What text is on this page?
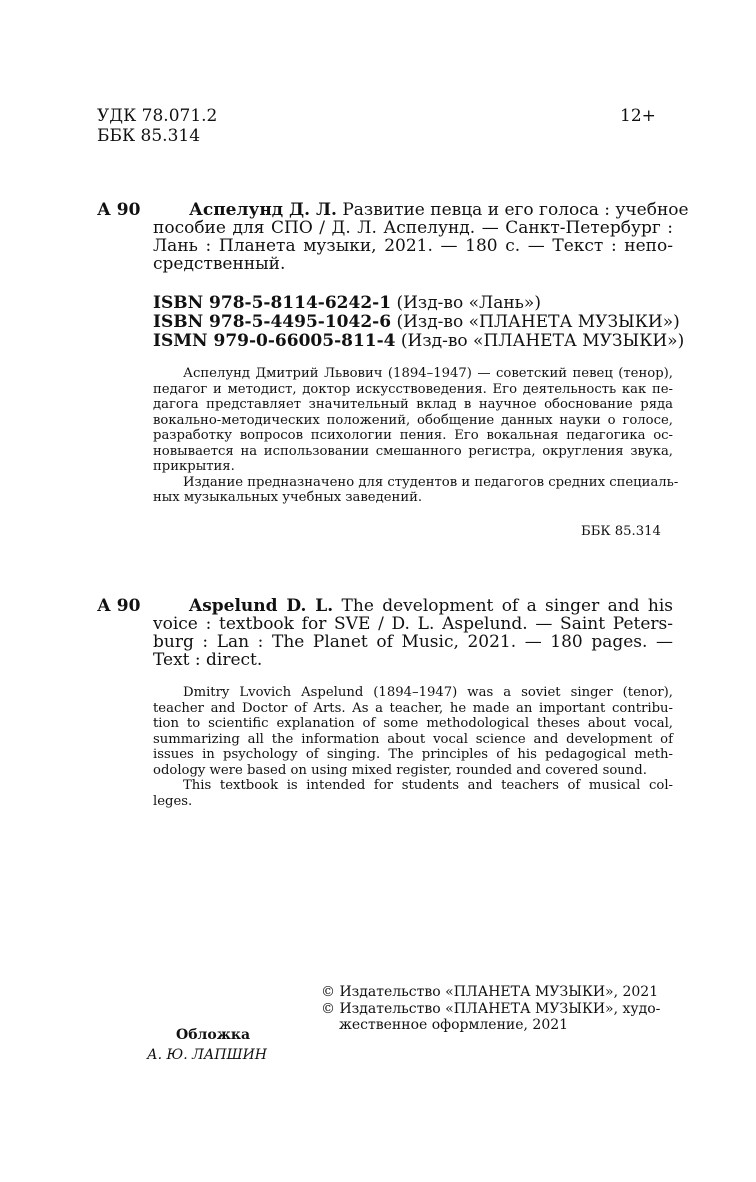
УДК 78.071.2
ББК 85.314
12+
А 90	Аспелунд Д. Л. Развитие певца и его голоса : учебное
пособие для СПО / Д. Л. Аспелунд. — Санкт-Петербург :
Лань : Планета музыки, 2021. — 180 с. — Текст : непо-
средственный.
ISBN 978-5-8114-6242-1 (Изд-во «Лань»)
ISBN 978-5-4495-1042-6 (Изд-во «ПЛАНЕТА МУЗЫКИ»)
ISMN 979-0-66005-811-4 (Изд-во «ПЛАНЕТА МУЗЫКИ»)
Аспелунд Дмитрий Львович (1894–1947) — советский певец (тенор),
педагог и методист, доктор искусствоведения. Его деятельность как пе-
дагога представляет значительный вклад в научное обоснование ряда
вокально-методических положений, обобщение данных науки о голосе,
разработку вопросов психологии пения. Его вокальная педагогика ос-
новывается на использовании смешанного регистра, округления звука,
прикрытия.
Издание предназначено для студентов и педагогов средних специаль-
ных музыкальных учебных заведений.
ББК 85.314
А 90	Aspelund D. L. The development of a singer and his
voice : textbook for SVE / D. L. Aspelund. — Saint Peters-
burg : Lan : The Planet of Music, 2021. — 180 pages. —
Text : direct.
Dmitry Lvovich Aspelund (1894–1947) was a soviet singer (tenor),
teacher and Doctor of Arts. As a teacher, he made an important contribu-
tion to scientific explanation of some methodological theses about vocal,
summarizing all the information about vocal science and development of
issues in psychology of singing. The principles of his pedagogical meth-
odology were based on using mixed register, rounded and covered sound.
This textbook is intended for students and teachers of musical col-
leges.
© Издательство «ПЛАНЕТА МУЗЫКИ», 2021
© Издательство «ПЛАНЕТА МУЗЫКИ», худо-
жественное оформление, 2021
Обложка
А. Ю. ЛАПШИН
